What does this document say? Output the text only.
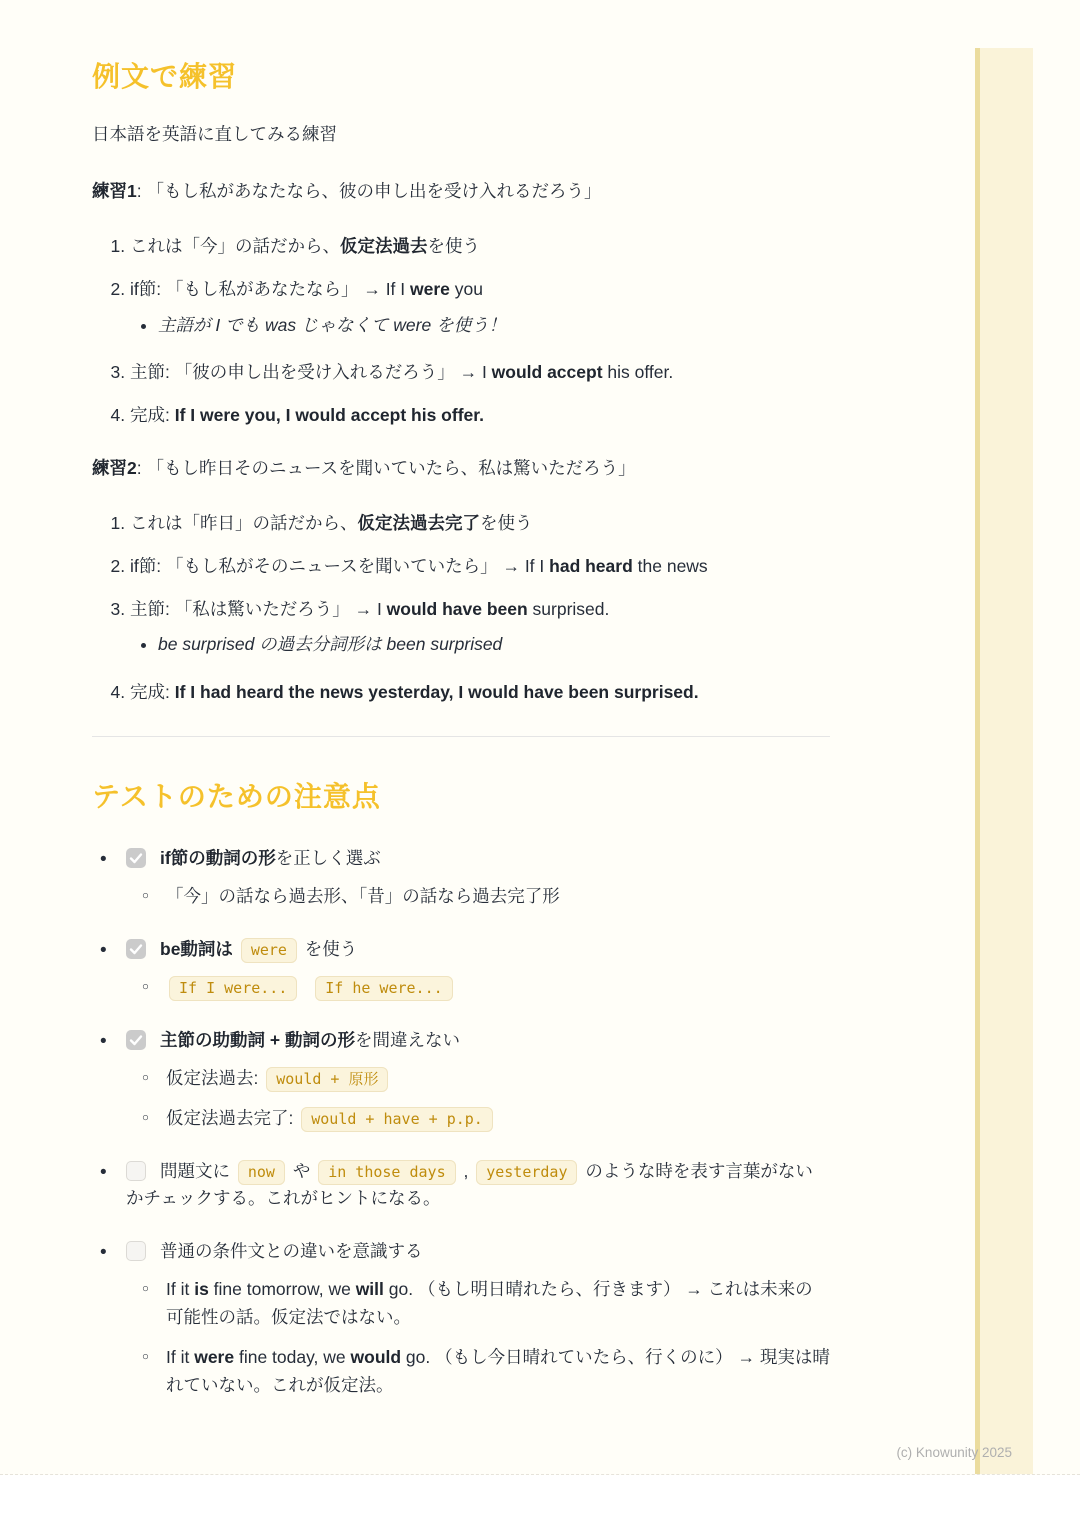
例文で練習

日本語を英語に直してみる練習

練習1: 「もし私があなたなら、彼の申し出を受け入れるだろう」

1. これは「今」の話だから、仮定法過去を使う
2. if節: 「もし私があなたなら」 → If I were you
• 主語が I でも was じゃなくて were を使う！
3. 主節: 「彼の申し出を受け入れるだろう」 → I would accept his offer.
4. 完成: If I were you, I would accept his offer.

練習2: 「もし昨日そのニュースを聞いていたら、私は驚いただろう」

1. これは「昨日」の話だから、仮定法過去完了を使う
2. if節: 「もし私がそのニュースを聞いていたら」 → If I had heard the news
3. 主節: 「私は驚いただろう」 → I would have been surprised.
• be surprised の過去分詞形は been surprised
4. 完成: If I had heard the news yesterday, I would have been surprised.
テストのための注意点
• if節の動詞の形を正しく選ぶ
○ 「今」の話なら過去形、「昔」の話なら過去完了形
• be動詞は were を使う
○ If I were...	If he were...
• 主節の助動詞 + 動詞の形を間違えない
○ 仮定法過去: would + 原形
○ 仮定法過去完了: would + have + p.p.
• 問題文に now や in those days , yesterday のような時を表す言葉がないかチェックする。これがヒントになる。
• 普通の条件文との違いを意識する
○ If it is fine tomorrow, we will go. （もし明日晴れたら、行きます） → これは未来の可能性の話。仮定法ではない。
○ If it were fine today, we would go. （もし今日晴れていたら、行くのに） → 現実は晴れていない。これが仮定法。
(c) Knowunity 2025
